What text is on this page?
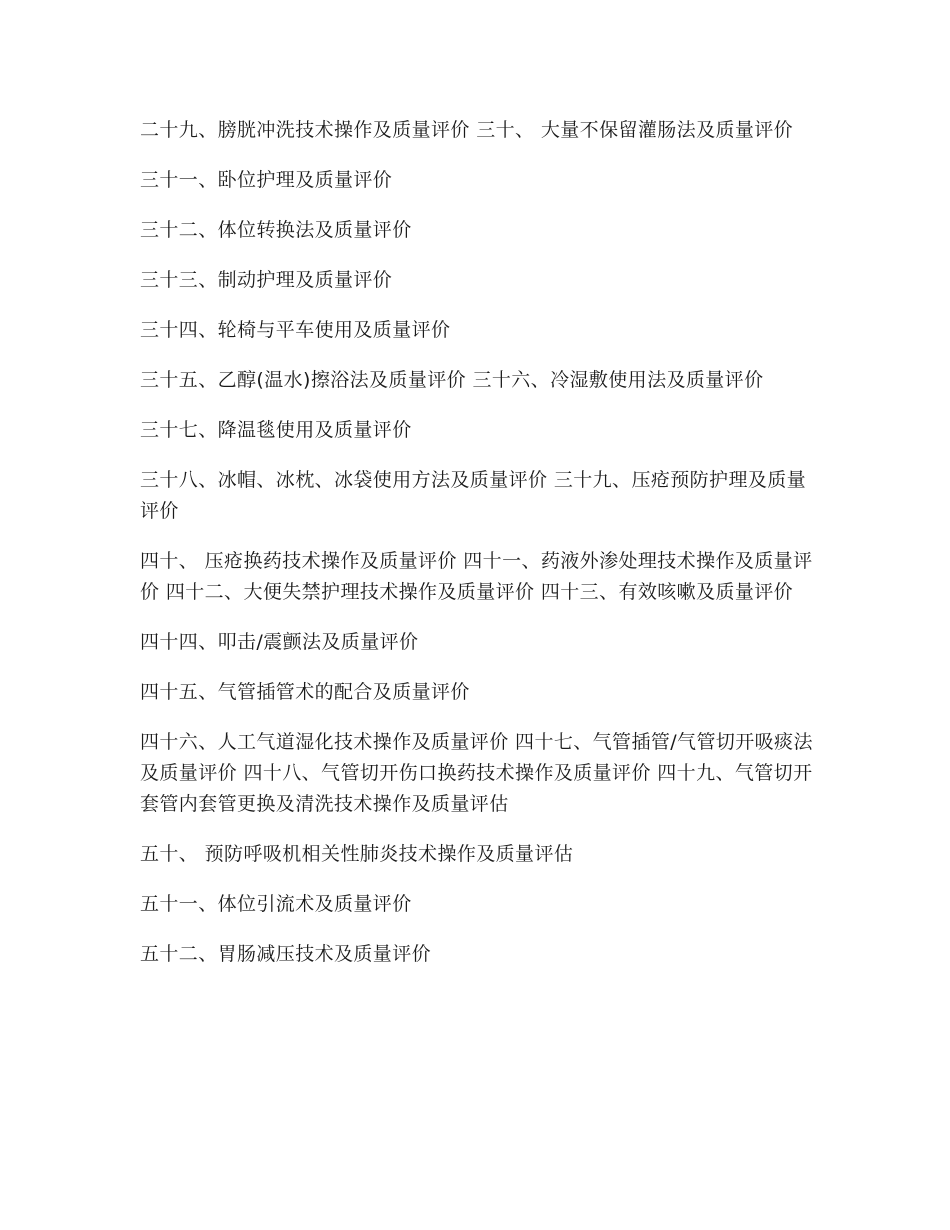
二十九、膀胱冲洗技术操作及质量评价 三十、 大量不保留灌肠法及质量评价

三十一、卧位护理及质量评价

三十二、体位转换法及质量评价

三十三、制动护理及质量评价

三十四、轮椅与平车使用及质量评价

三十五、乙醇(温水)擦浴法及质量评价 三十六、冷湿敷使用法及质量评价

三十七、降温毯使用及质量评价

三十八、冰帽、冰枕、冰袋使用方法及质量评价 三十九、压疮预防护理及质量评价

四十、 压疮换药技术操作及质量评价 四十一、药液外渗处理技术操作及质量评价 四十二、大便失禁护理技术操作及质量评价 四十三、有效咳嗽及质量评价

四十四、叩击/震颤法及质量评价

四十五、气管插管术的配合及质量评价

四十六、人工气道湿化技术操作及质量评价 四十七、气管插管/气管切开吸痰法及质量评价 四十八、气管切开伤口换药技术操作及质量评价 四十九、气管切开套管内套管更换及清洗技术操作及质量评估

五十、 预防呼吸机相关性肺炎技术操作及质量评估

五十一、体位引流术及质量评价

五十二、胃肠减压技术及质量评价
